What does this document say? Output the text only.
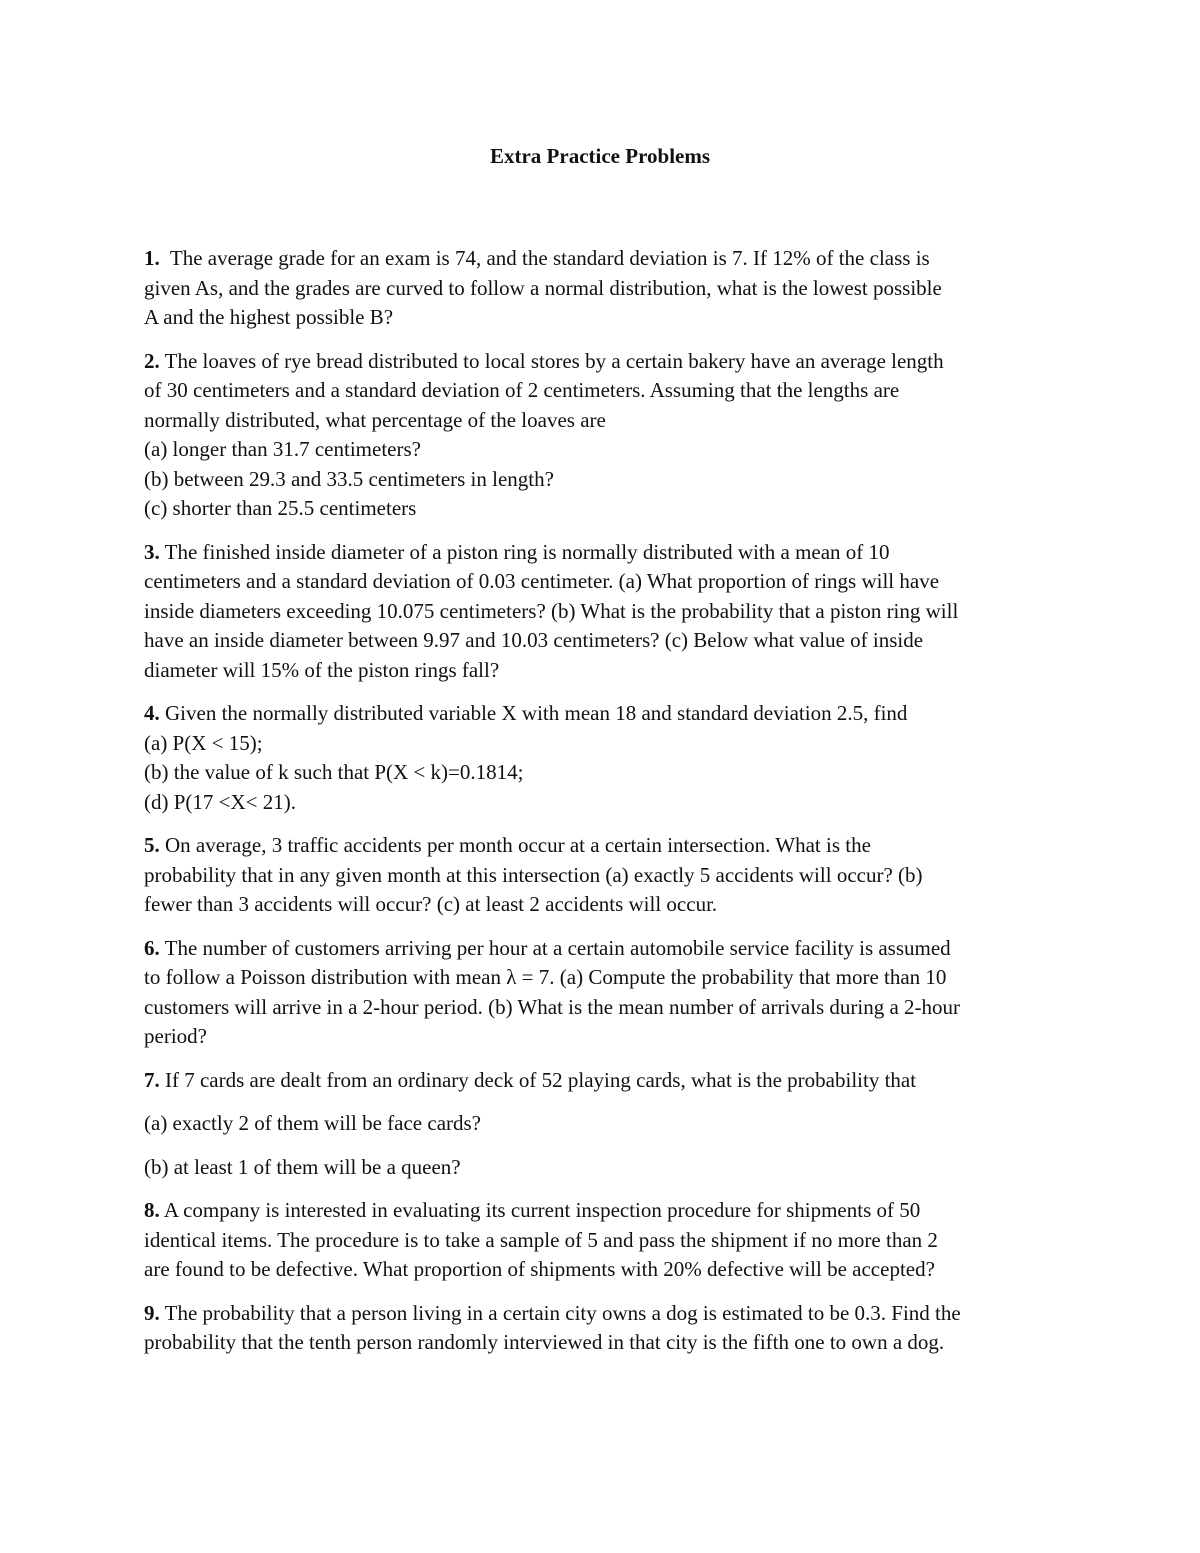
Extra Practice Problems
1.  The average grade for an exam is 74, and the standard deviation is 7. If 12% of the class is
given As, and the grades are curved to follow a normal distribution, what is the lowest possible
A and the highest possible B?
2. The loaves of rye bread distributed to local stores by a certain bakery have an average length
of 30 centimeters and a standard deviation of 2 centimeters. Assuming that the lengths are
normally distributed, what percentage of the loaves are
(a) longer than 31.7 centimeters?
(b) between 29.3 and 33.5 centimeters in length?
(c) shorter than 25.5 centimeters
3. The finished inside diameter of a piston ring is normally distributed with a mean of 10
centimeters and a standard deviation of 0.03 centimeter. (a) What proportion of rings will have
inside diameters exceeding 10.075 centimeters? (b) What is the probability that a piston ring will
have an inside diameter between 9.97 and 10.03 centimeters? (c) Below what value of inside
diameter will 15% of the piston rings fall?
4. Given the normally distributed variable X with mean 18 and standard deviation 2.5, find
(a) P(X < 15);
(b) the value of k such that P(X < k)=0.1814;
(d) P(17 <X< 21).
5. On average, 3 traffic accidents per month occur at a certain intersection. What is the
probability that in any given month at this intersection (a) exactly 5 accidents will occur? (b)
fewer than 3 accidents will occur? (c) at least 2 accidents will occur.
6. The number of customers arriving per hour at a certain automobile service facility is assumed
to follow a Poisson distribution with mean λ = 7. (a) Compute the probability that more than 10
customers will arrive in a 2-hour period. (b) What is the mean number of arrivals during a 2-hour
period?
7. If 7 cards are dealt from an ordinary deck of 52 playing cards, what is the probability that
(a) exactly 2 of them will be face cards?
(b) at least 1 of them will be a queen?
8. A company is interested in evaluating its current inspection procedure for shipments of 50
identical items. The procedure is to take a sample of 5 and pass the shipment if no more than 2
are found to be defective. What proportion of shipments with 20% defective will be accepted?
9. The probability that a person living in a certain city owns a dog is estimated to be 0.3. Find the
probability that the tenth person randomly interviewed in that city is the fifth one to own a dog.
